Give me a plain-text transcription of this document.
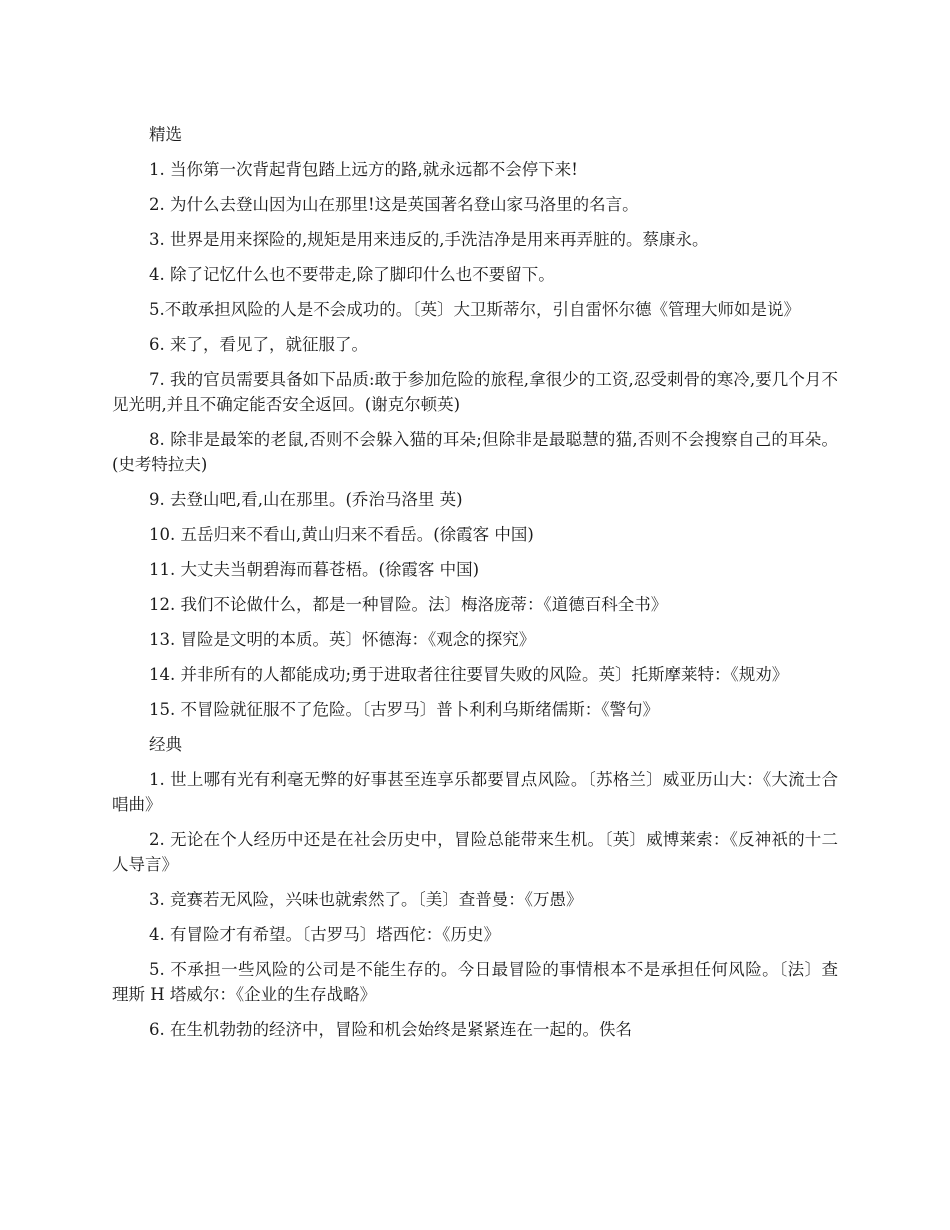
精选

1. 当你第一次背起背包踏上远方的路,就永远都不会停下来!

2. 为什么去登山因为山在那里!这是英国著名登山家马洛里的名言。

3. 世界是用来探险的,规矩是用来违反的,手洗洁净是用来再弄脏的。蔡康永。

4. 除了记忆什么也不要带走,除了脚印什么也不要留下。

5.不敢承担风险的人是不会成功的。〔英〕大卫斯蒂尔，引自雷怀尔德《管理大师如是说》

6. 来了，看见了，就征服了。

7. 我的官员需要具备如下品质:敢于参加危险的旅程,拿很少的工资,忍受刺骨的寒冷,要几个月不见光明,并且不确定能否安全返回。(谢克尔顿英)

8. 除非是最笨的老鼠,否则不会躲入猫的耳朵;但除非是最聪慧的猫,否则不会搜察自己的耳朵。(史考特拉夫)

9. 去登山吧,看,山在那里。(乔治马洛里 英)

10. 五岳归来不看山,黄山归来不看岳。(徐霞客 中国)

11. 大丈夫当朝碧海而暮苍梧。(徐霞客 中国)

12. 我们不论做什么，都是一种冒险。法〕梅洛庞蒂：《道德百科全书》

13. 冒险是文明的本质。英〕怀德海：《观念的探究》

14. 并非所有的人都能成功;勇于进取者往往要冒失败的风险。英〕托斯摩莱特：《规劝》

15. 不冒险就征服不了危险。〔古罗马〕普卜利利乌斯绪儒斯：《警句》

经典

1. 世上哪有光有利毫无弊的好事甚至连享乐都要冒点风险。〔苏格兰〕威亚历山大：《大流士合唱曲》

2. 无论在个人经历中还是在社会历史中，冒险总能带来生机。〔英〕威博莱索：《反神祇的十二人导言》

3. 竞赛若无风险，兴味也就索然了。〔美〕查普曼：《万愚》

4. 有冒险才有希望。〔古罗马〕塔西佗：《历史》

5. 不承担一些风险的公司是不能生存的。今日最冒险的事情根本不是承担任何风险。〔法〕查理斯 H 塔威尔：《企业的生存战略》

6. 在生机勃勃的经济中，冒险和机会始终是紧紧连在一起的。佚名
